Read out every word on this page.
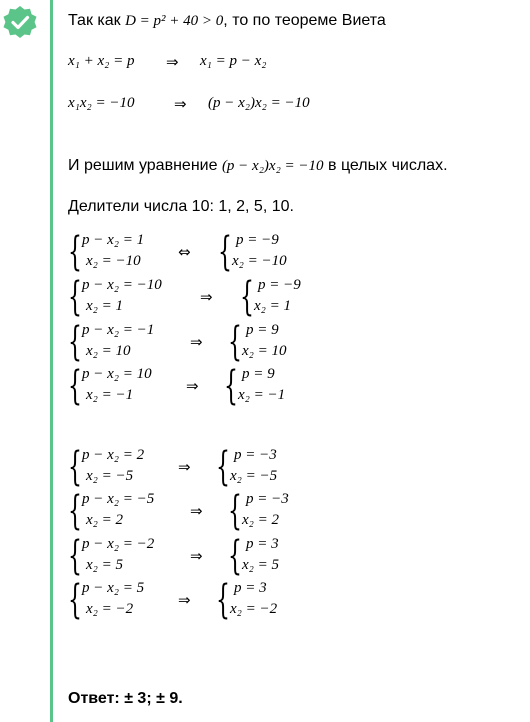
Так как D = p² + 40 > 0, то по теореме Виета
x₁ + x₂ = p ⇒ x₁ = p − x₂
x₁x₂ = −10	⇒ (p − x₂)x₂ = −10
И решим уравнение (p − x₂)x₂ = −10 в целых числах.
Делители числа 10: 1, 2, 5, 10.
{ p − x₂ = 1
x₂ = −10 ⇔ { p = −9
x₂ = −10
{ p − x₂ = −10
x₂ = 1	⇒ { p = −9
x₂ = 1
{ p − x₂ = −1
x₂ = 10	⇒ { p = 9
x₂ = 10
{ p − x₂ = 10
x₂ = −1	⇒ { p = 9
x₂ = −1
{ p − x₂ = 2
x₂ = −5	⇒ { p = −3
x₂ = −5
{ p − x₂ = −5
x₂ = 2	⇒ { p = −3
x₂ = 2
{ p − x₂ = −2
x₂ = 5	⇒ { p = 3
x₂ = 5
{ p − x₂ = 5
x₂ = −2	⇒ { p = 3
x₂ = −2
Ответ: ± 3; ± 9.
